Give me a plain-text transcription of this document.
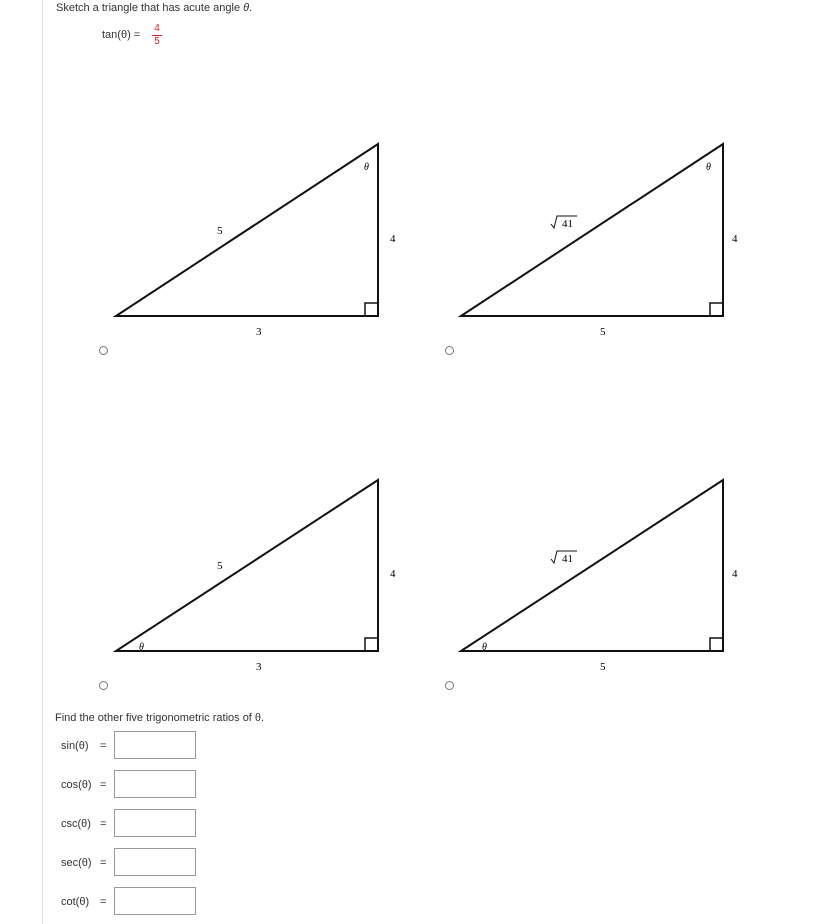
Sketch a triangle that has acute angle θ.
tan(θ) =
4
5
θ
5
4
3
θ
41
4
5
θ
5
4
3
θ
41
4
5
Find the other five trigonometric ratios of θ.
sin(θ) =
cos(θ) =
csc(θ) =
sec(θ) =
cot(θ) =
